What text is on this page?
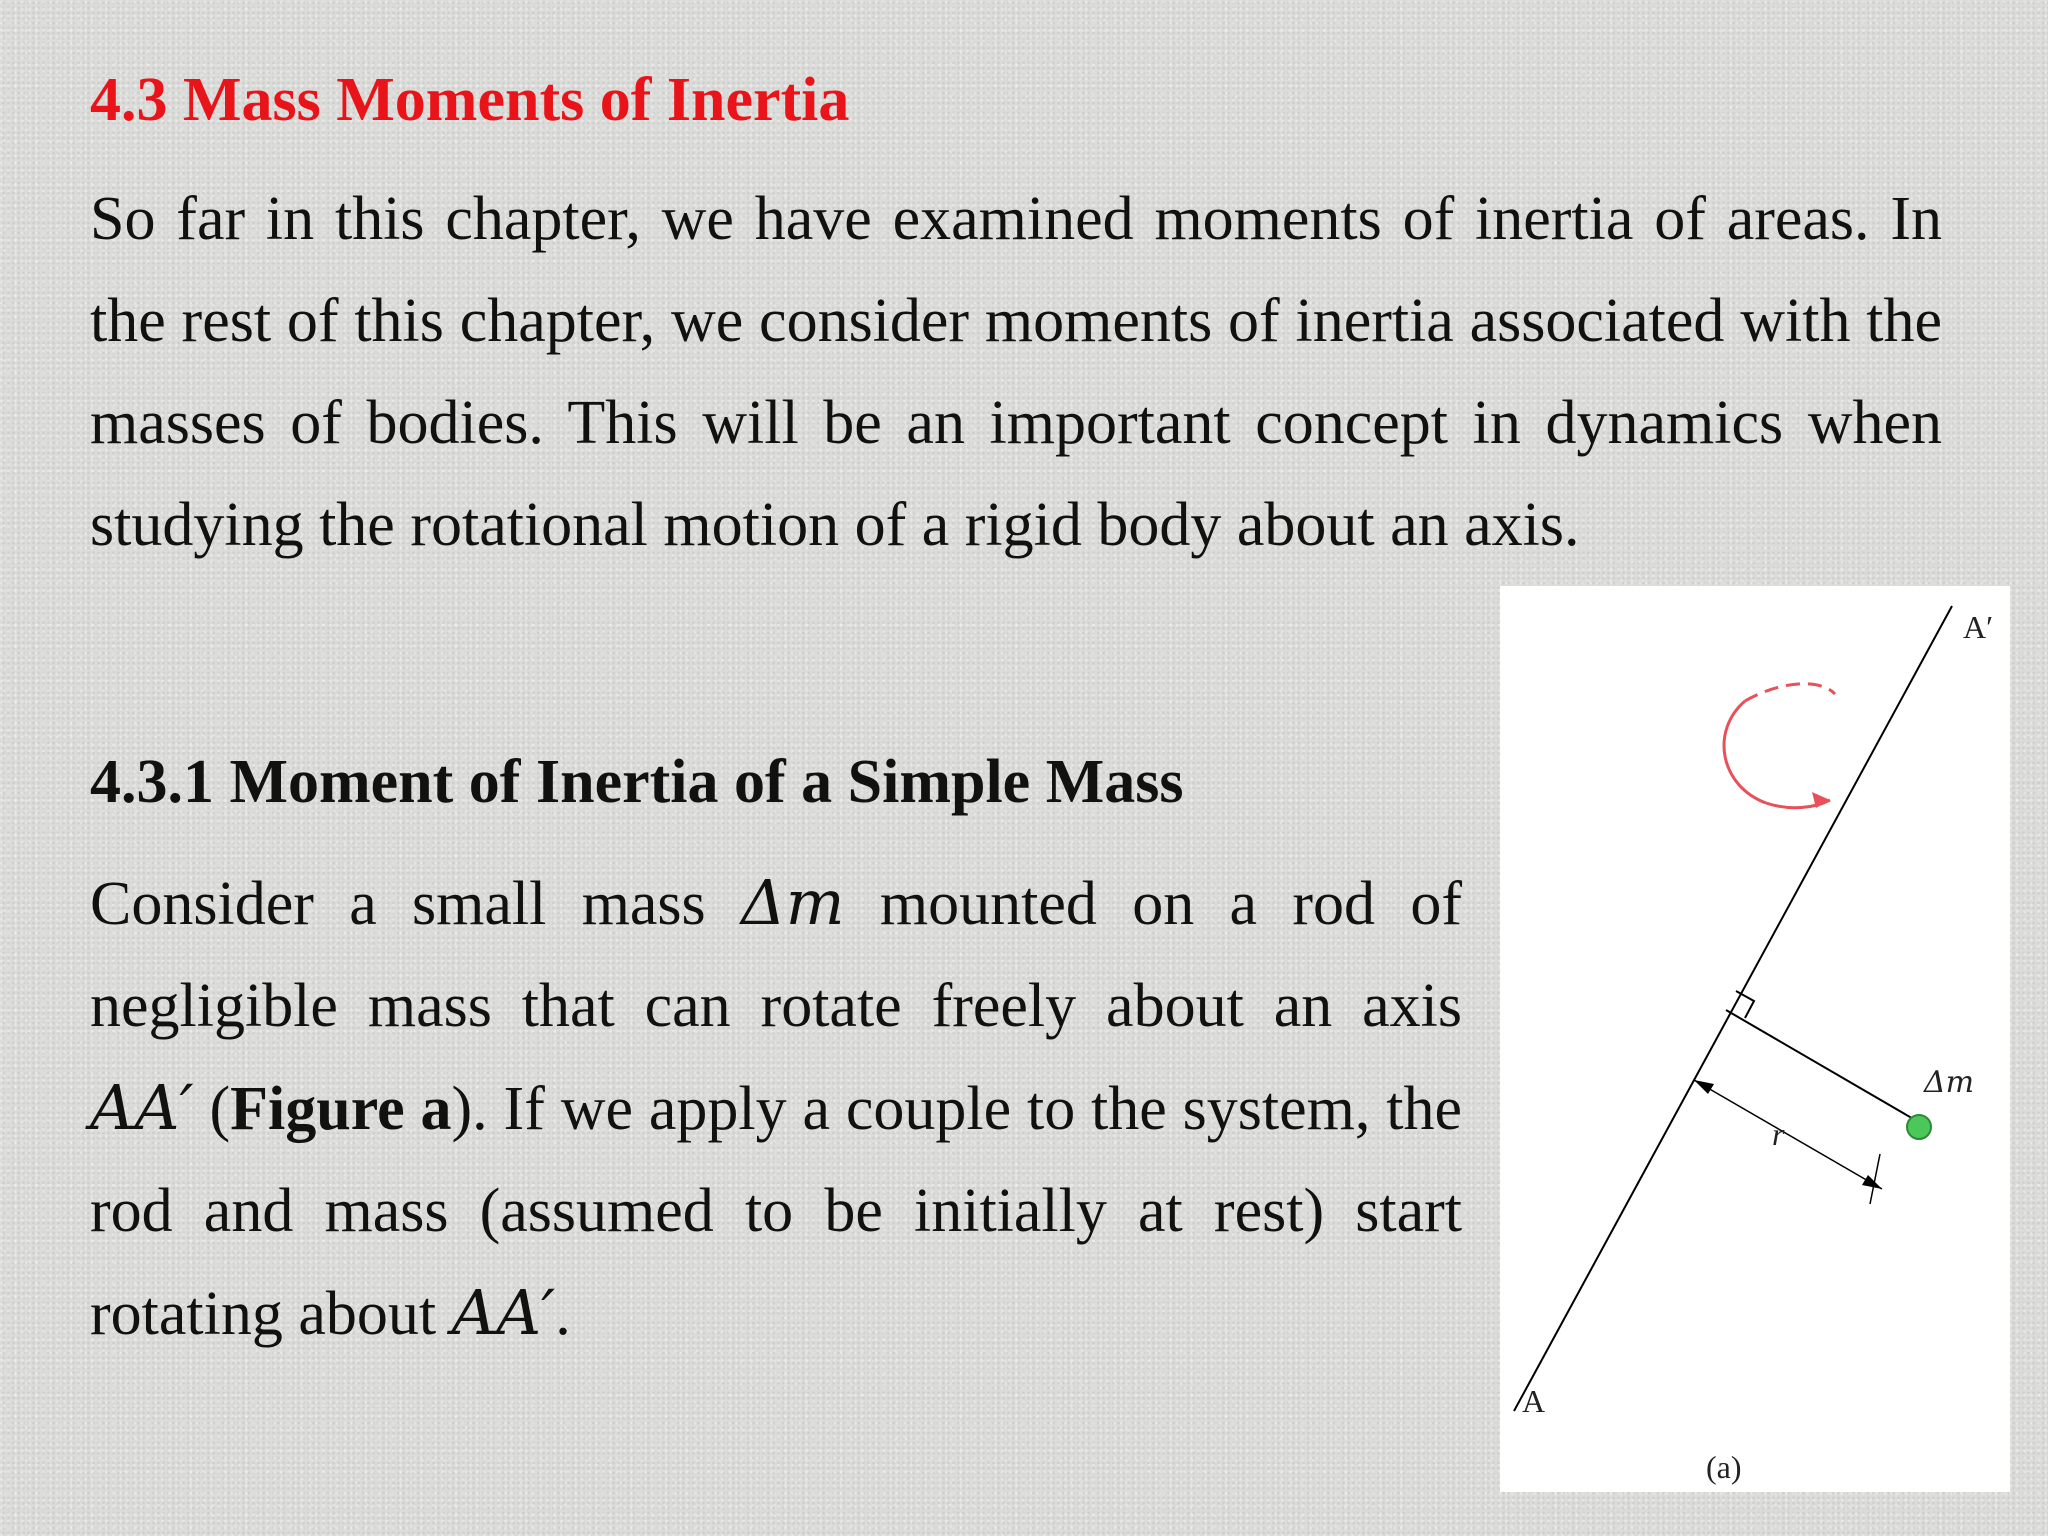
4.3 Mass Moments of Inertia

So far in this chapter, we have examined moments of inertia of areas. In the rest of this chapter, we consider moments of inertia associated with the masses of bodies. This will be an important concept in dynamics when studying the rotational motion of a rigid body about an axis.

4.3.1 Moment of Inertia of a Simple Mass

Consider a small mass Δm mounted on a rod of negligible mass that can rotate freely about an axis AA′ (Figure a). If we apply a couple to the system, the rod and mass (assumed to be initially at rest) start rotating about AA′.

A′
A
Δm
r
(a)
